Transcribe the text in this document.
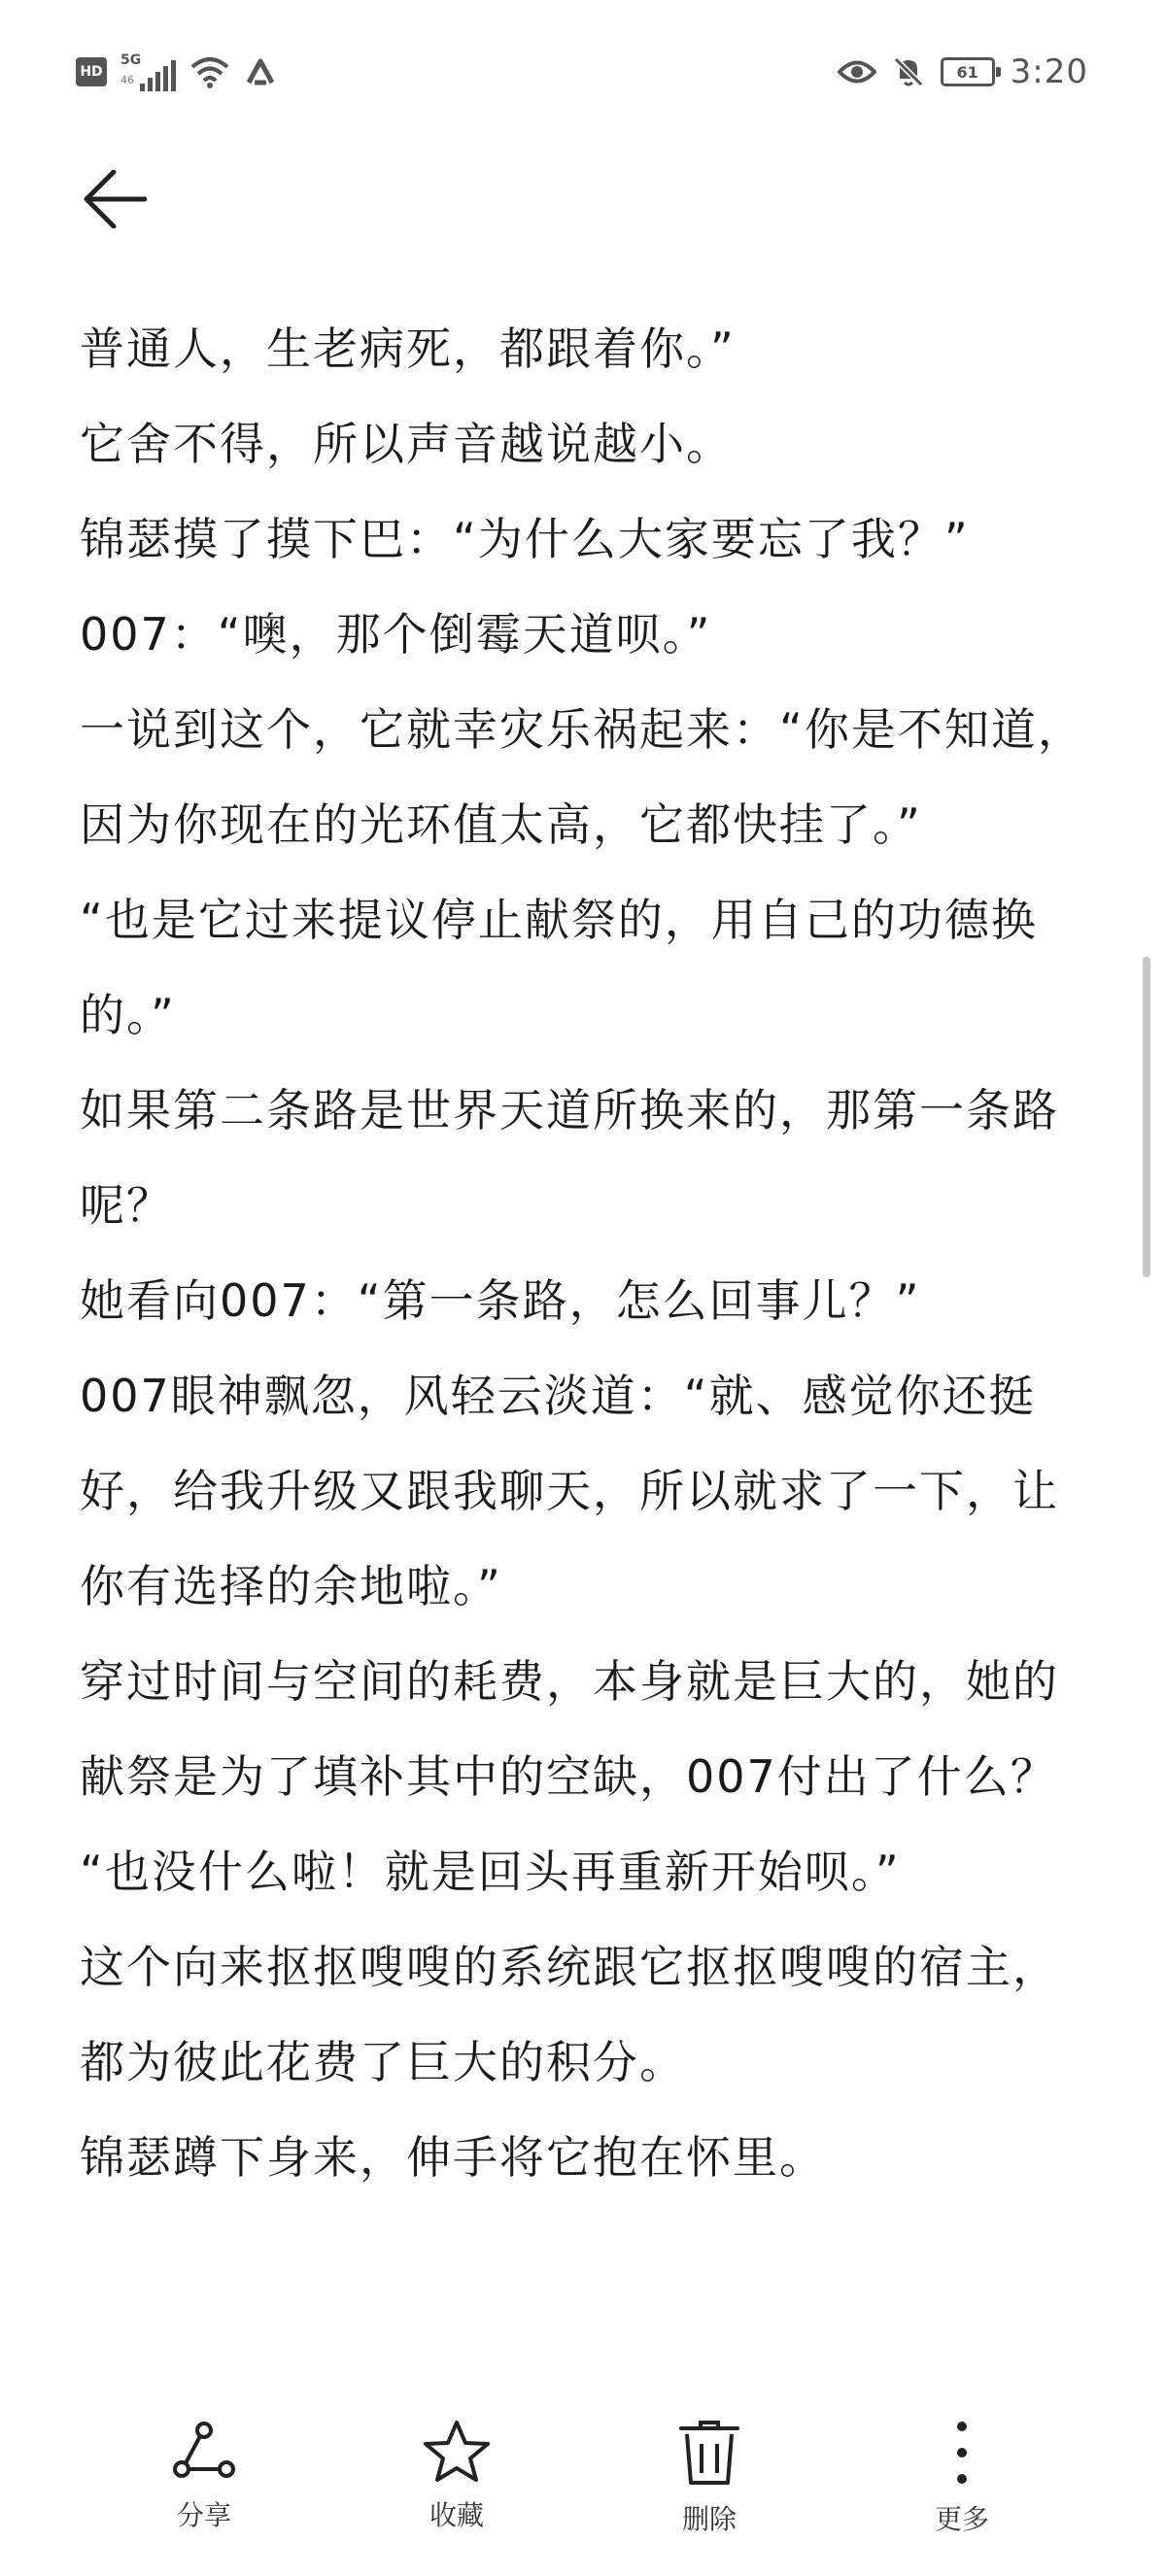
HD
5G
46	61 3:20

普通人，生老病死，都跟着你。”

它舍不得，所以声音越说越小。

锦瑟摸了摸下巴：“为什么大家要忘了我？”

007：“噢，那个倒霉天道呗。”

一说到这个，它就幸灾乐祸起来：“你是不知道，因为你现在的光环值太高，它都快挂了。”

“也是它过来提议停止献祭的，用自己的功德换的。”

如果第二条路是世界天道所换来的，那第一条路呢？

她看向007：“第一条路，怎么回事儿？”

007眼神飘忽，风轻云淡道：“就、感觉你还挺好，给我升级又跟我聊天，所以就求了一下，让你有选择的余地啦。”

穿过时间与空间的耗费，本身就是巨大的，她的献祭是为了填补其中的空缺，007付出了什么？

“也没什么啦！就是回头再重新开始呗。”

这个向来抠抠嗖嗖的系统跟它抠抠嗖嗖的宿主，都为彼此花费了巨大的积分。

锦瑟蹲下身来，伸手将它抱在怀里。

分享	收藏	删除	更多
